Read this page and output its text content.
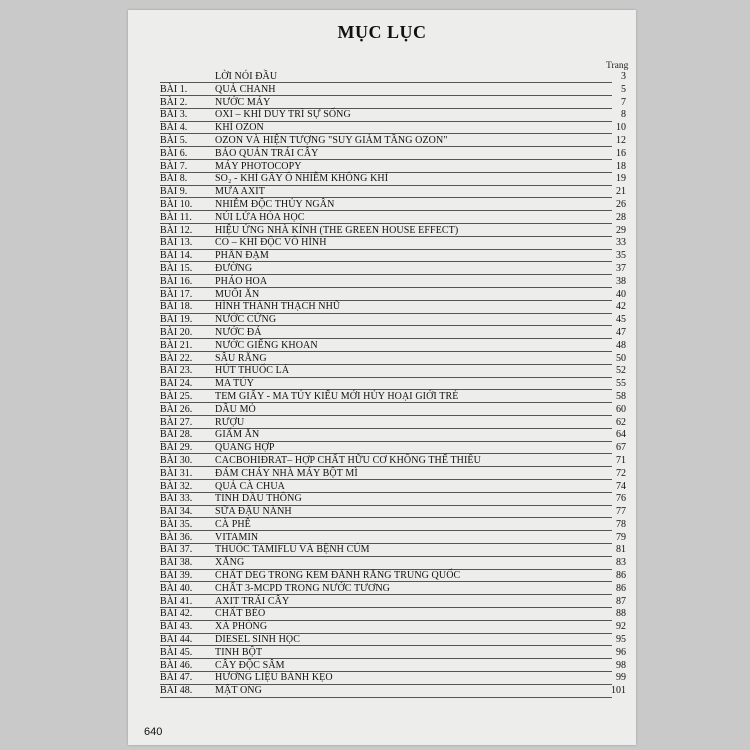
MỤC LỤC
Trang
LỜI NÓI ĐẦU	3
BÀI 1.	QUẢ CHANH	5
BÀI 2.	NƯỚC MÁY	7
BÀI 3.	OXI – KHÍ DUY TRÌ SỰ SỐNG	8
BÀI 4.	KHÍ OZON	10
BÀI 5.	OZON VÀ HIỆN TƯỢNG "SUY GIẢM TẦNG OZON"	12
BÀI 6.	BẢO QUẢN TRÁI CÂY	16
BÀI 7.	MÁY PHOTOCOPY	18
BÀI 8.	SO₂ - KHÍ GÂY Ô NHIỄM KHÔNG KHÍ	19
BÀI 9.	MƯA AXIT	21
BÀI 10. NHIỄM ĐỘC THỦY NGÂN	26
BÀI 11. NÚI LỬA HÓA HỌC	28
BÀI 12. HIỆU ỨNG NHÀ KÍNH (THE GREEN HOUSE EFFECT)	29
BÀI 13. CO – KHÍ ĐỘC VÔ HÌNH	33
BÀI 14. PHÂN ĐẠM	35
BÀI 15. ĐƯỜNG	37
BÀI 16. PHÁO HOA	38
BÀI 17. MUỐI ĂN	40
BÀI 18. HÌNH THÀNH THẠCH NHŨ	42
BÀI 19. NƯỚC CỨNG	45
BÀI 20. NƯỚC ĐÁ	47
BÀI 21. NƯỚC GIẾNG KHOAN	48
BÀI 22. SÂU RĂNG	50
BÀI 23. HÚT THUỐC LÁ	52
BÀI 24. MA TÚY	55
BÀI 25. TEM GIẤY - MA TÚY KIỂU MỚI HỦY HOẠI GIỚI TRẺ	58
BÀI 26. DẦU MỎ	60
BÀI 27. RƯỢU	62
BÀI 28. GIẤM ĂN	64
BÀI 29. QUANG HỢP	67
BÀI 30. CACBOHIĐRAT– HỢP CHẤT HỮU CƠ KHÔNG THỂ THIẾU	71
BÀI 31. ĐÁM CHÁY NHÀ MÁY BỘT MÌ	72
BÀI 32. QUẢ CÀ CHUA	74
BÀI 33. TINH DẦU THÔNG	76
BÀI 34. SỮA ĐẬU NÀNH	77
BÀI 35. CÀ PHÊ	78
BÀI 36. VITAMIN	79
BÀI 37. THUỐC TAMIFLU VÀ BỆNH CÚM	81
BÀI 38. XĂNG	83
BÀI 39. CHẤT DEG TRONG KEM ĐÁNH RĂNG TRUNG QUỐC	86
BÀI 40. CHẤT 3-MCPD TRONG NƯỚC TƯƠNG	86
BÀI 41. AXIT TRÁI CÂY	87
BÀI 42. CHẤT BÉO	88
BÀI 43. XÀ PHÒNG	92
BÀI 44. DIESEL SINH HỌC	95
BÀI 45. TINH BỘT	96
BÀI 46. CÂY ĐỘC SÂM	98
BÀI 47. HƯƠNG LIỆU BÁNH KẸO	99
BÀI 48. MẬT ONG	101
640
